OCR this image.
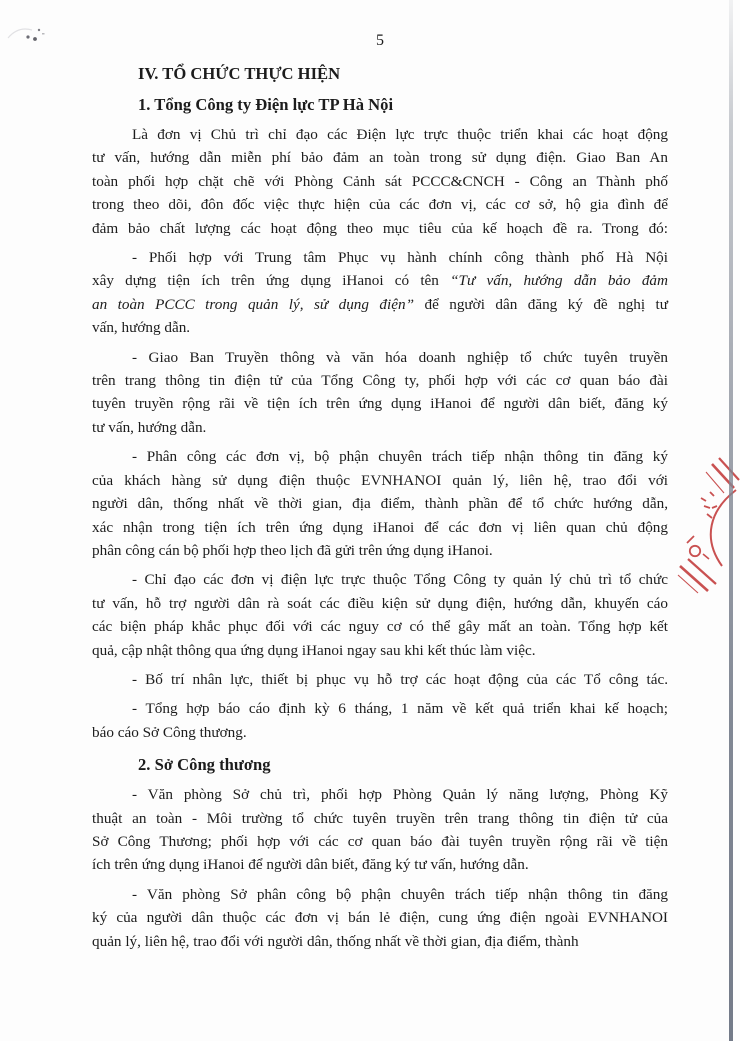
5
IV. TỔ CHỨC THỰC HIỆN
1. Tổng Công ty Điện lực TP Hà Nội
Là đơn vị Chủ trì chỉ đạo các Điện lực trực thuộc triển khai các hoạt động
tư vấn, hướng dẫn miễn phí bảo đảm an toàn trong sử dụng điện. Giao Ban An
toàn phối hợp chặt chẽ với Phòng Cảnh sát PCCC&CNCH - Công an Thành phố
trong theo dõi, đôn đốc việc thực hiện của các đơn vị, các cơ sở, hộ gia đình để
đảm bảo chất lượng các hoạt động theo mục tiêu của kế hoạch đề ra. Trong đó:
- Phối hợp với Trung tâm Phục vụ hành chính công thành phố Hà Nội
xây dựng tiện ích trên ứng dụng iHanoi có tên “Tư vấn, hướng dẫn bảo đảm
an toàn PCCC trong quản lý, sử dụng điện” để người dân đăng ký đề nghị tư
vấn, hướng dẫn.
- Giao Ban Truyền thông và văn hóa doanh nghiệp tổ chức tuyên truyền
trên trang thông tin điện tử của Tổng Công ty, phối hợp với các cơ quan báo đài
tuyên truyền rộng rãi về tiện ích trên ứng dụng iHanoi để người dân biết, đăng ký
tư vấn, hướng dẫn.
- Phân công các đơn vị, bộ phận chuyên trách tiếp nhận thông tin đăng ký
của khách hàng sử dụng điện thuộc EVNHANOI quản lý, liên hệ, trao đổi với
người dân, thống nhất về thời gian, địa điểm, thành phần để tổ chức hướng dẫn,
xác nhận trong tiện ích trên ứng dụng iHanoi để các đơn vị liên quan chủ động
phân công cán bộ phối hợp theo lịch đã gửi trên ứng dụng iHanoi.
- Chỉ đạo các đơn vị điện lực trực thuộc Tổng Công ty quản lý chủ trì tổ chức
tư vấn, hỗ trợ người dân rà soát các điều kiện sử dụng điện, hướng dẫn, khuyến cáo
các biện pháp khắc phục đối với các nguy cơ có thể gây mất an toàn. Tổng hợp kết
quả, cập nhật thông qua ứng dụng iHanoi ngay sau khi kết thúc làm việc.
- Bố trí nhân lực, thiết bị phục vụ hỗ trợ các hoạt động của các Tổ công tác.
- Tổng hợp báo cáo định kỳ 6 tháng, 1 năm về kết quả triển khai kế hoạch;
báo cáo Sở Công thương.
2. Sở Công thương
- Văn phòng Sở chủ trì, phối hợp Phòng Quản lý năng lượng, Phòng Kỹ
thuật an toàn - Môi trường tổ chức tuyên truyền trên trang thông tin điện tử của
Sở Công Thương; phối hợp với các cơ quan báo đài tuyên truyền rộng rãi về tiện
ích trên ứng dụng iHanoi để người dân biết, đăng ký tư vấn, hướng dẫn.
- Văn phòng Sở phân công bộ phận chuyên trách tiếp nhận thông tin đăng
ký của người dân thuộc các đơn vị bán lẻ điện, cung ứng điện ngoài EVNHANOI
quản lý, liên hệ, trao đổi với người dân, thống nhất về thời gian, địa điểm, thành
